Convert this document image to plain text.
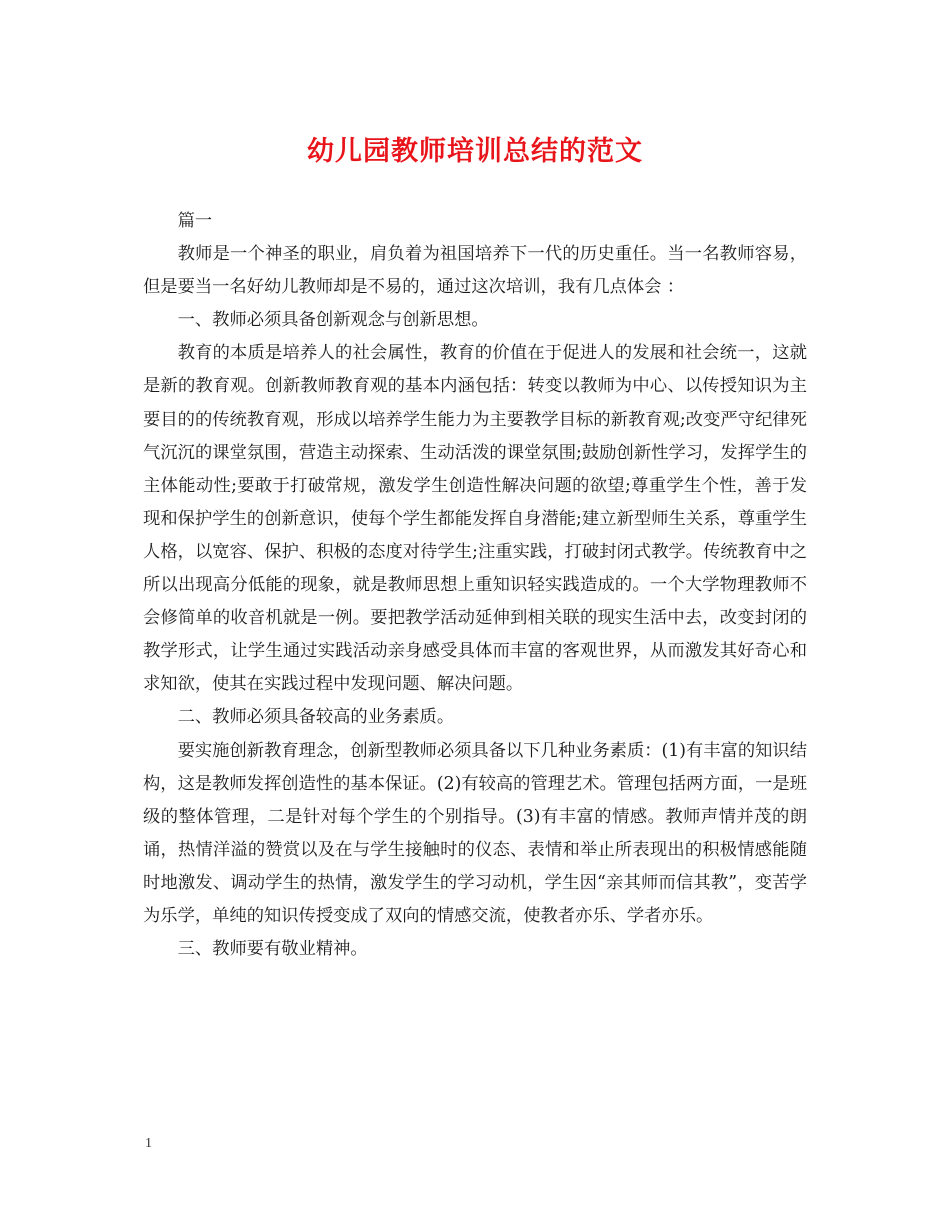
幼儿园教师培训总结的范文

篇一

教师是一个神圣的职业，肩负着为祖国培养下一代的历史重任。当一名教师容易，但是要当一名好幼儿教师却是不易的，通过这次培训，我有几点体会 ：

一、教师必须具备创新观念与创新思想。

教育的本质是培养人的社会属性，教育的价值在于促进人的发展和社会统一，这就是新的教育观。创新教师教育观的基本内涵包括：转变以教师为中心、以传授知识为主要目的的传统教育观，形成以培养学生能力为主要教学目标的新教育观;改变严守纪律死气沉沉的课堂氛围，营造主动探索、生动活泼的课堂氛围;鼓励创新性学习，发挥学生的主体能动性;要敢于打破常规，激发学生创造性解决问题的欲望;尊重学生个性，善于发现和保护学生的创新意识，使每个学生都能发挥自身潜能;建立新型师生关系，尊重学生人格，以宽容、保护、积极的态度对待学生;注重实践，打破封闭式教学。传统教育中之所以出现高分低能的现象，就是教师思想上重知识轻实践造成的。一个大学物理教师不会修简单的收音机就是一例。要把教学活动延伸到相关联的现实生活中去，改变封闭的教学形式，让学生通过实践活动亲身感受具体而丰富的客观世界，从而激发其好奇心和求知欲，使其在实践过程中发现问题、解决问题。

二、教师必须具备较高的业务素质。

要实施创新教育理念，创新型教师必须具备以下几种业务素质：(1)有丰富的知识结构，这是教师发挥创造性的基本保证。(2)有较高的管理艺术。管理包括两方面，一是班级的整体管理，二是针对每个学生的个别指导。(3)有丰富的情感。教师声情并茂的朗诵，热情洋溢的赞赏以及在与学生接触时的仪态、表情和举止所表现出的积极情感能随时地激发、调动学生的热情，激发学生的学习动机，学生因“亲其师而信其教”，变苦学为乐学，单纯的知识传授变成了双向的情感交流，使教者亦乐、学者亦乐。

三、教师要有敬业精神。

1
